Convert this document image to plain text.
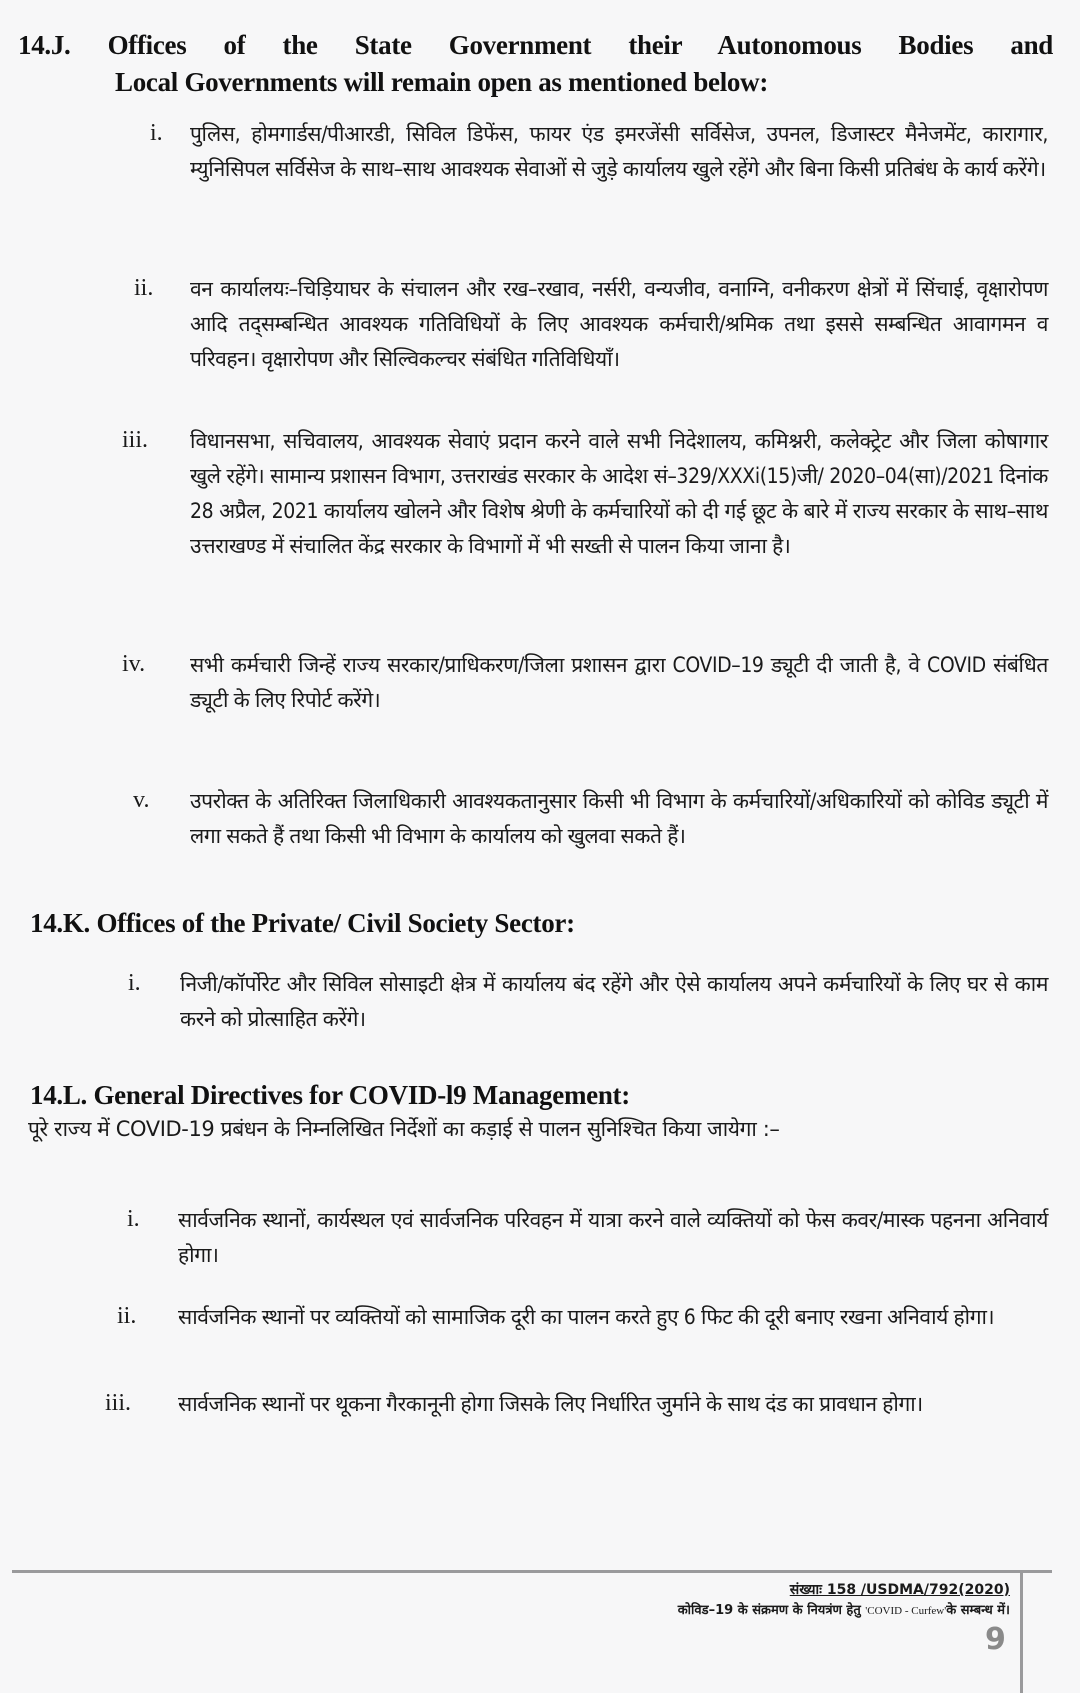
14.J. Offices of the State Government their Autonomous Bodies and
Local Governments will remain open as mentioned below:
i. पुलिस, होमगार्डस/पीआरडी, सिविल डिफेंस, फायर एंड इमरजेंसी सर्विसेज, उपनल, डिजास्टर मैनेजमेंट, कारागार, म्युनिसिपल सर्विसेज के साथ–साथ आवश्यक सेवाओं से जुड़े कार्यालय खुले रहेंगे और बिना किसी प्रतिबंध के कार्य करेंगे।
ii. वन कार्यालयः–चिड़ियाघर के संचालन और रख–रखाव, नर्सरी, वन्यजीव, वनाग्नि, वनीकरण क्षेत्रों में सिंचाई, वृक्षारोपण आदि तद्सम्बन्धित आवश्यक गतिविधियों के लिए आवश्यक कर्मचारी/श्रमिक तथा इससे सम्बन्धित आवागमन व परिवहन। वृक्षारोपण और सिल्विकल्चर संबंधित गतिविधियाँ।
iii. विधानसभा, सचिवालय, आवश्यक सेवाएं प्रदान करने वाले सभी निदेशालय, कमिश्नरी, कलेक्ट्रेट और जिला कोषागार खुले रहेंगे। सामान्य प्रशासन विभाग, उत्तराखंड सरकार के आदेश सं–329/XXXi(15)जी/ 2020–04(सा)/2021 दिनांक 28 अप्रैल, 2021 कार्यालय खोलने और विशेष श्रेणी के कर्मचारियों को दी गई छूट के बारे में राज्य सरकार के साथ–साथ उत्तराखण्ड में संचालित केंद्र सरकार के विभागों में भी सख्ती से पालन किया जाना है।
iv. सभी कर्मचारी जिन्हें राज्य सरकार/प्राधिकरण/जिला प्रशासन द्वारा COVID–19 ड्यूटी दी जाती है, वे COVID संबंधित ड्यूटी के लिए रिपोर्ट करेंगे।
v. उपरोक्त के अतिरिक्त जिलाधिकारी आवश्यकतानुसार किसी भी विभाग के कर्मचारियों/अधिकारियों को कोविड ड्यूटी में लगा सकते हैं तथा किसी भी विभाग के कार्यालय को खुलवा सकते हैं।
14.K. Offices of the Private/ Civil Society Sector:
i. निजी/कॉर्पोरेट और सिविल सोसाइटी क्षेत्र में कार्यालय बंद रहेंगे और ऐसे कार्यालय अपने कर्मचारियों के लिए घर से काम करने को प्रोत्साहित करेंगे।
14.L. General Directives for COVID-l9 Management:
पूरे राज्य में COVID-19 प्रबंधन के निम्नलिखित निर्देशों का कड़ाई से पालन सुनिश्चित किया जायेगा :–
i. सार्वजनिक स्थानों, कार्यस्थल एवं सार्वजनिक परिवहन में यात्रा करने वाले व्यक्तियों को फेस कवर/मास्क पहनना अनिवार्य होगा।
ii. सार्वजनिक स्थानों पर व्यक्तियों को सामाजिक दूरी का पालन करते हुए 6 फिट की दूरी बनाए रखना अनिवार्य होगा।
iii. सार्वजनिक स्थानों पर थूकना गैरकानूनी होगा जिसके लिए निर्धारित जुर्माने के साथ दंड का प्रावधान होगा।
संख्याः 158 /USDMA/792(2020)
कोविड–19 के संक्रमण के नियत्रंण हेतु 'COVID - Curfew'के सम्बन्ध में।
9
